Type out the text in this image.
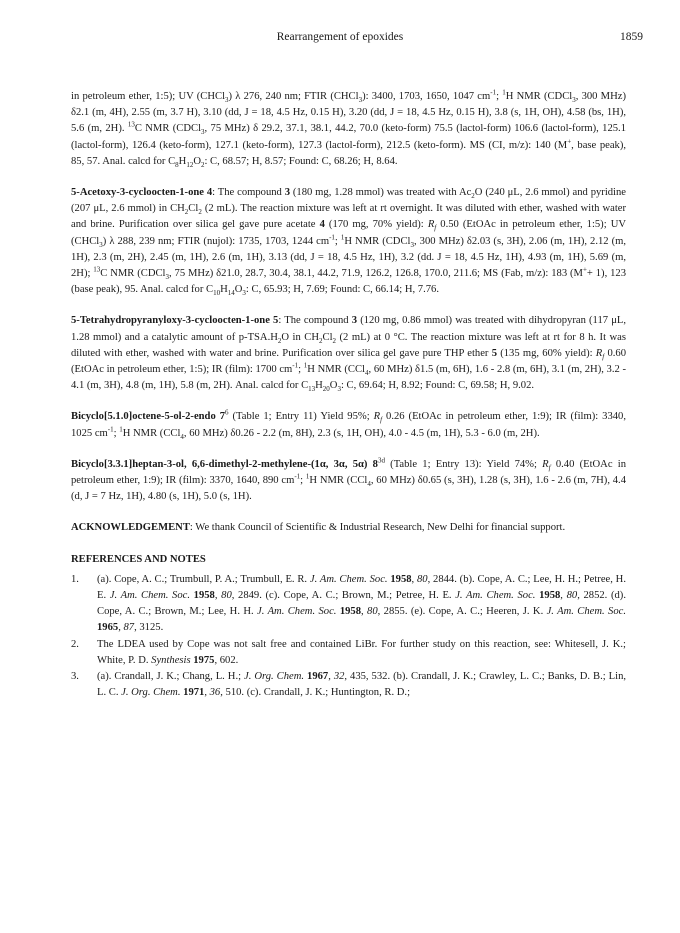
Rearrangement of epoxides	1859

in petroleum ether, 1:5); UV (CHCl$_3$) λ 276, 240 nm; FTIR (CHCl$_3$): 3400, 1703, 1650, 1047 $cm^{-1}$; $^1$H NMR (CDCl$_3$, 300 MHz) δ2.1 (m, 4H), 2.55 (m, 3.7 H), 3.10 (dd, J = 18, 4.5 Hz, 0.15 H), 3.20 (dd, J = 18, 4.5 Hz, 0.15 H), 3.8 (s, 1H, OH), 4.58 (bs, 1H), 5.6 (m, 2H). $^{13}$C NMR (CDCl$_3$, 75 MHz) δ 29.2, 37.1, 38.1, 44.2, 70.0 (keto-form) 75.5 (lactol-form) 106.6 (lactol-form), 125.1 (lactol-form), 126.4 (keto-form), 127.1 (keto-form), 127.3 (lactol-form), 212.5 (keto-form). MS (CI, m/z): 140 (M+, base peak), 85, 57. Anal. calcd for $C_8H_{12}O_2$: C, 68.57; H, 8.57; Found: C, 68.26; H, 8.64.

5-Acetoxy-3-cycloocten-1-one 4: The compound 3 (180 mg, 1.28 mmol) was treated with $Ac_2O$ (240 μL, 2.6 mmol) and pyridine (207 μL, 2.6 mmol) in $CH_2Cl_2$ (2 mL). The reaction mixture was left at rt overnight. It was diluted with ether, washed with water and brine. Purification over silica gel gave pure acetate 4 (170 mg, 70% yield): $R_f$ 0.50 (EtOAc in petroleum ether, 1:5); UV (CHCl$_3$) λ 288, 239 nm; FTIR (nujol): 1735, 1703, 1244 $cm^{-1}$; $^1$H NMR (CDCl$_3$, 300 MHz) δ2.03 (s, 3H), 2.06 (m, 1H), 2.12 (m, 1H), 2.3 (m, 2H), 2.45 (m, 1H), 2.6 (m, 1H), 3.13 (dd, J = 18, 4.5 Hz, 1H), 3.2 (dd. J = 18, 4.5 Hz, 1H), 4.93 (m, 1H), 5.69 (m, 2H); $^{13}$C NMR (CDCl$_3$, 75 MHz) δ21.0, 28.7, 30.4, 38.1, 44.2, 71.9, 126.2, 126.8, 170.0, 211.6; MS (Fab, m/z): 183 (M++ 1), 123 (base peak), 95. Anal. calcd for $C_{10}H_{14}O_3$: C, 65.93; H, 7.69; Found: C, 66.14; H, 7.76.

5-Tetrahydropyranyloxy-3-cycloocten-1-one 5: The compound 3 (120 mg, 0.86 mmol) was treated with dihydropyran (117 μL, 1.28 mmol) and a catalytic amount of $p-TSA.H_2O$ in $CH_2Cl_2$ (2 mL) at 0 °C. The reaction mixture was left at rt for 8 h. It was diluted with ether, washed with water and brine. Purification over silica gel gave pure THP ether 5 (135 mg, 60% yield): $R_f$ 0.60 (EtOAc in petroleum ether, 1:5); IR (film): 1700 $cm^{-1}$; $^1$H NMR (CCl$_4$, 60 MHz) δ1.5 (m, 6H), 1.6 - 2.8 (m, 6H), 3.1 (m, 2H), 3.2 - 4.1 (m, 3H), 4.8 (m, 1H), 5.8 (m, 2H). Anal. calcd for $C_{13}H_{20}O_3$: C, 69.64; H, 8.92; Found: C, 69.58; H, 9.02.

Bicyclo[5.1.0]octene-5-ol-2-endo $7^6$ (Table 1; Entry 11) Yield 95%; $R_f$ 0.26 (EtOAc in petroleum ether, 1:9); IR (film): 3340, 1025 $cm^{-1}$; $^1$H NMR (CCl$_4$, 60 MHz) δ0.26 - 2.2 (m, 8H), 2.3 (s, 1H, OH), 4.0 - 4.5 (m, 1H), 5.3 - 6.0 (m, 2H).

Bicyclo[3.3.1]heptan-3-ol, 6,6-dimethyl-2-methylene-(1α, 3α, 5α) $8^{3d}$ (Table 1; Entry 13): Yield 74%; $R_f$ 0.40 (EtOAc in petroleum ether, 1:9); IR (film): 3370, 1640, 890 $cm^{-1}$; $^1$H NMR (CCl$_4$, 60 MHz) δ0.65 (s, 3H), 1.28 (s, 3H), 1.6 - 2.6 (m, 7H), 4.4 (d, J = 7 Hz, 1H), 4.80 (s, 1H), 5.0 (s, 1H).

ACKNOWLEDGEMENT: We thank Council of Scientific & Industrial Research, New Delhi for financial support.

REFERENCES AND NOTES
1.	(a). Cope, A. C.; Trumbull, P. A.; Trumbull, E. R. J. Am. Chem. Soc. 1958, 80, 2844. (b). Cope, A. C.; Lee, H. H.; Petree, H. E. J. Am. Chem. Soc. 1958, 80, 2849. (c). Cope, A. C.; Brown, M.; Petree, H. E. J. Am. Chem. Soc. 1958, 80, 2852. (d). Cope, A. C.; Brown, M.; Lee, H. H. J. Am. Chem. Soc. 1958, 80, 2855. (e). Cope, A. C.; Heeren, J. K. J. Am. Chem. Soc. 1965, 87, 3125.
2.	The LDEA used by Cope was not salt free and contained LiBr. For further study on this reaction, see: Whitesell, J. K.; White, P. D. Synthesis 1975, 602.
3.	(a). Crandall, J. K.; Chang, L. H.; J. Org. Chem. 1967, 32, 435, 532. (b). Crandall, J. K.; Crawley, L. C.; Banks, D. B.; Lin, L. C. J. Org. Chem. 1971, 36, 510. (c). Crandall, J. K.; Huntington, R. D.;
